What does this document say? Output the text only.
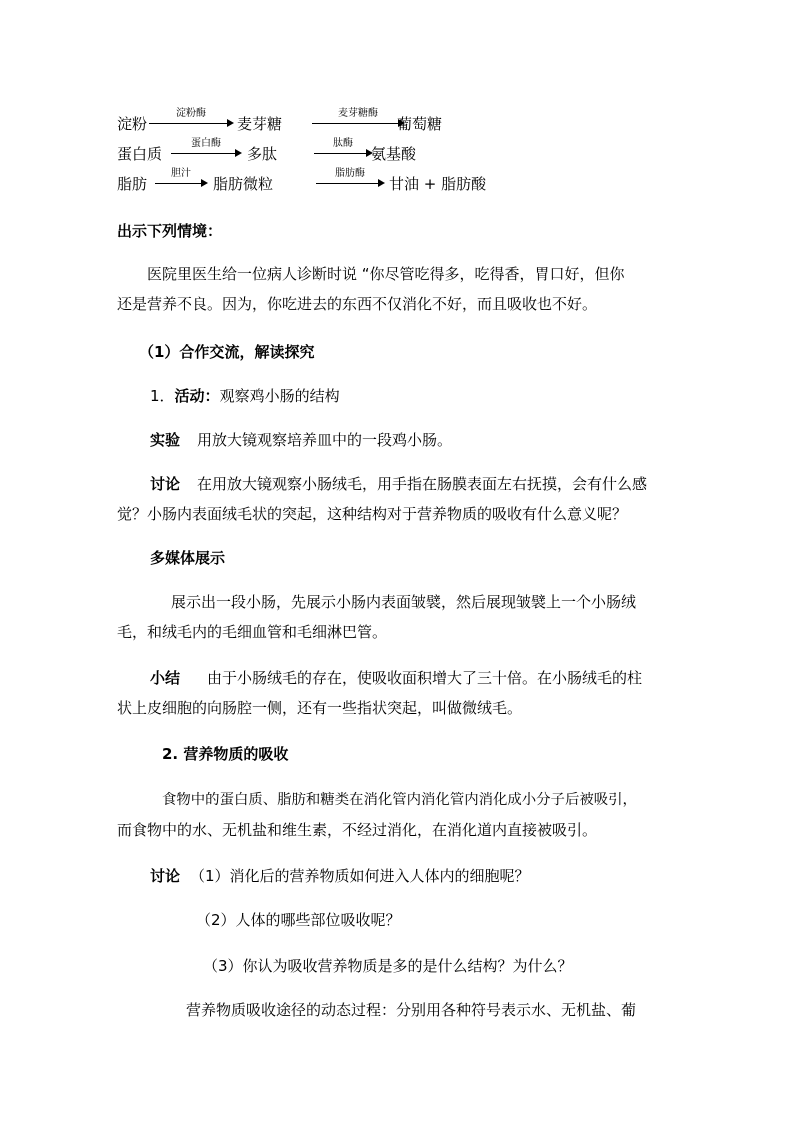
淀粉
淀粉酶
麦芽糖
麦芽糖酶
葡萄糖
蛋白质
蛋白酶
多肽
肽酶
氨基酸
脂肪
胆汁
脂肪微粒
脂肪酶
甘油 + 脂肪酸
出示下列情境：
医院里医生给一位病人诊断时说 “你尽管吃得多，吃得香，胃口好，但你
还是营养不良。因为，你吃进去的东西不仅消化不好，而且吸收也不好。
（1）合作交流，解读探究
1．活动：观察鸡小肠的结构
实验 用放大镜观察培养皿中的一段鸡小肠。
讨论 在用放大镜观察小肠绒毛，用手指在肠膜表面左右抚摸，会有什么感
觉？小肠内表面绒毛状的突起，这种结构对于营养物质的吸收有什么意义呢？
多媒体展示
展示出一段小肠，先展示小肠内表面皱襞，然后展现皱襞上一个小肠绒
毛，和绒毛内的毛细血管和毛细淋巴管。
小结 由于小肠绒毛的存在，使吸收面积增大了三十倍。在小肠绒毛的柱
状上皮细胞的向肠腔一侧，还有一些指状突起，叫做微绒毛。
2. 营养物质的吸收
食物中的蛋白质、脂肪和糖类在消化管内消化管内消化成小分子后被吸引，
而食物中的水、无机盐和维生素，不经过消化，在消化道内直接被吸引。
讨论 （1）消化后的营养物质如何进入人体内的细胞呢？
（2）人体的哪些部位吸收呢？
（3）你认为吸收营养物质是多的是什么结构？为什么？
营养物质吸收途径的动态过程：分别用各种符号表示水、无机盐、葡
